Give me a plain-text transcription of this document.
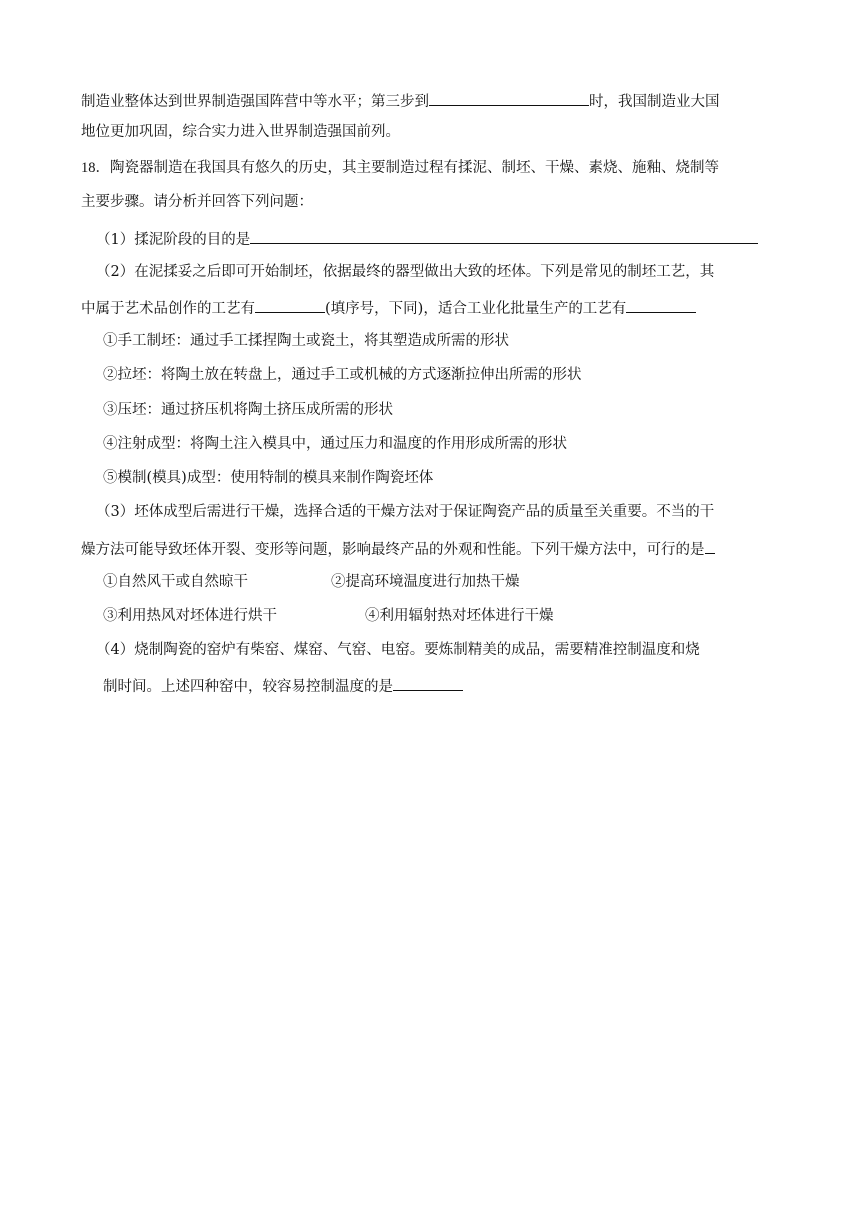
制造业整体达到世界制造强国阵营中等水平；第三步到	时，我国制造业大国
地位更加巩固，综合实力进入世界制造强国前列。
18．陶瓷器制造在我国具有悠久的历史，其主要制造过程有揉泥、制坯、干燥、素烧、施釉、烧制等
主要步骤。请分析并回答下列问题：
（1）揉泥阶段的目的是
（2）在泥揉妥之后即可开始制坯，依据最终的器型做出大致的坯体。下列是常见的制坯工艺，其
中属于艺术品创作的工艺有	(填序号，下同)，适合工业化批量生产的工艺有
①手工制坯：通过手工揉捏陶土或瓷土，将其塑造成所需的形状
②拉坯：将陶土放在转盘上，通过手工或机械的方式逐渐拉伸出所需的形状
③压坯：通过挤压机将陶土挤压成所需的形状
④注射成型：将陶土注入模具中，通过压力和温度的作用形成所需的形状
⑤模制(模具)成型：使用特制的模具来制作陶瓷坯体
（3）坯体成型后需进行干燥，选择合适的干燥方法对于保证陶瓷产品的质量至关重要。不当的干
燥方法可能导致坯体开裂、变形等问题，影响最终产品的外观和性能。下列干燥方法中，可行的是
①自然风干或自然晾干	②提高环境温度进行加热干燥
③利用热风对坯体进行烘干	④利用辐射热对坯体进行干燥
（4）烧制陶瓷的窑炉有柴窑、煤窑、气窑、电窑。要炼制精美的成品，需要精准控制温度和烧
制时间。上述四种窑中，较容易控制温度的是
